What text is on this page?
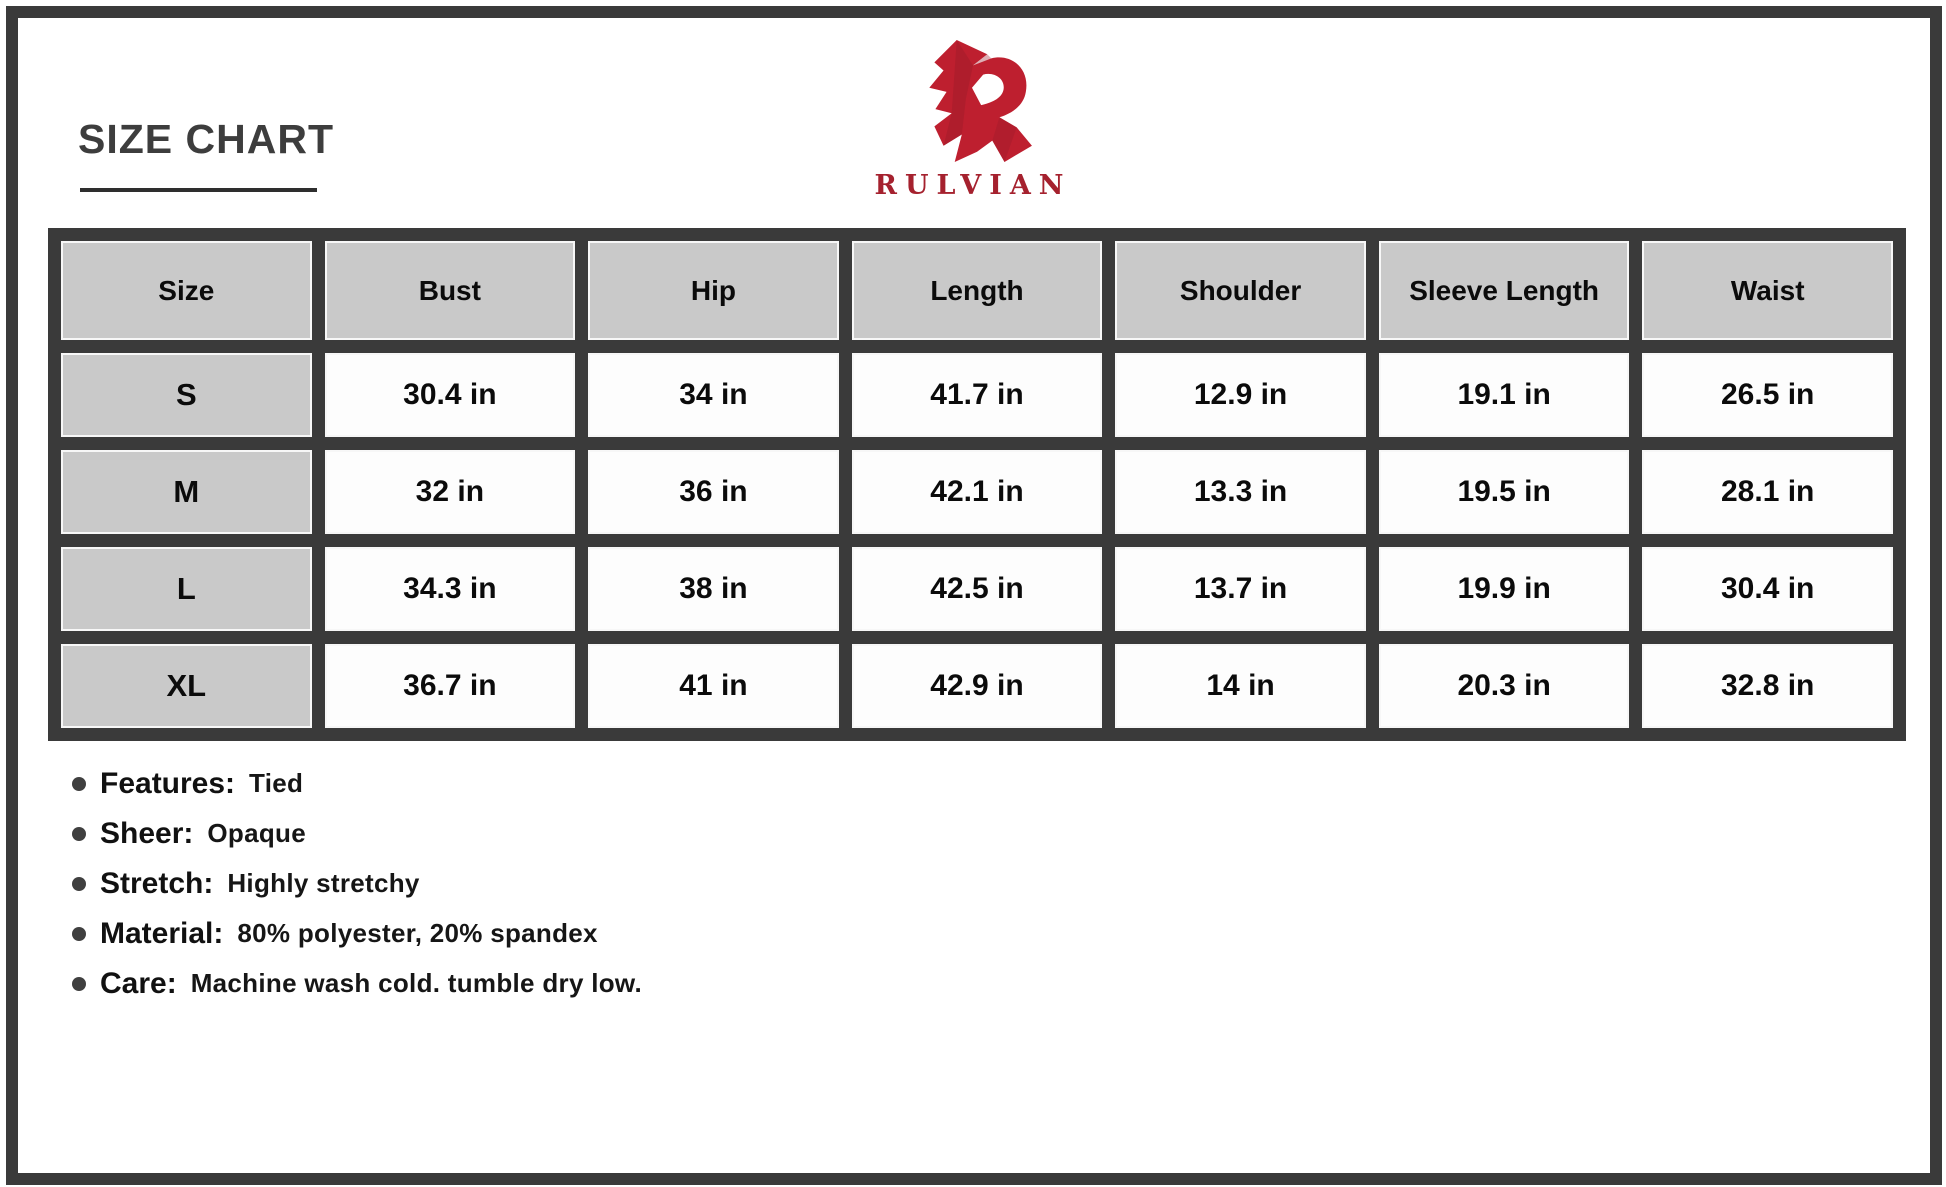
SIZE CHART
RULVIAN
Size	Bust	Hip	Length	Shoulder	Sleeve Length	Waist
S	30.4 in	34 in	41.7 in	12.9 in	19.1 in	26.5 in
M	32 in	36 in	42.1 in	13.3 in	19.5 in	28.1 in
L	34.3 in	38 in	42.5 in	13.7 in	19.9 in	30.4 in
XL	36.7 in	41 in	42.9 in	14 in	20.3 in	32.8 in
Features: Tied
Sheer: Opaque
Stretch: Highly stretchy
Material: 80% polyester, 20% spandex
Care: Machine wash cold. tumble dry low.
